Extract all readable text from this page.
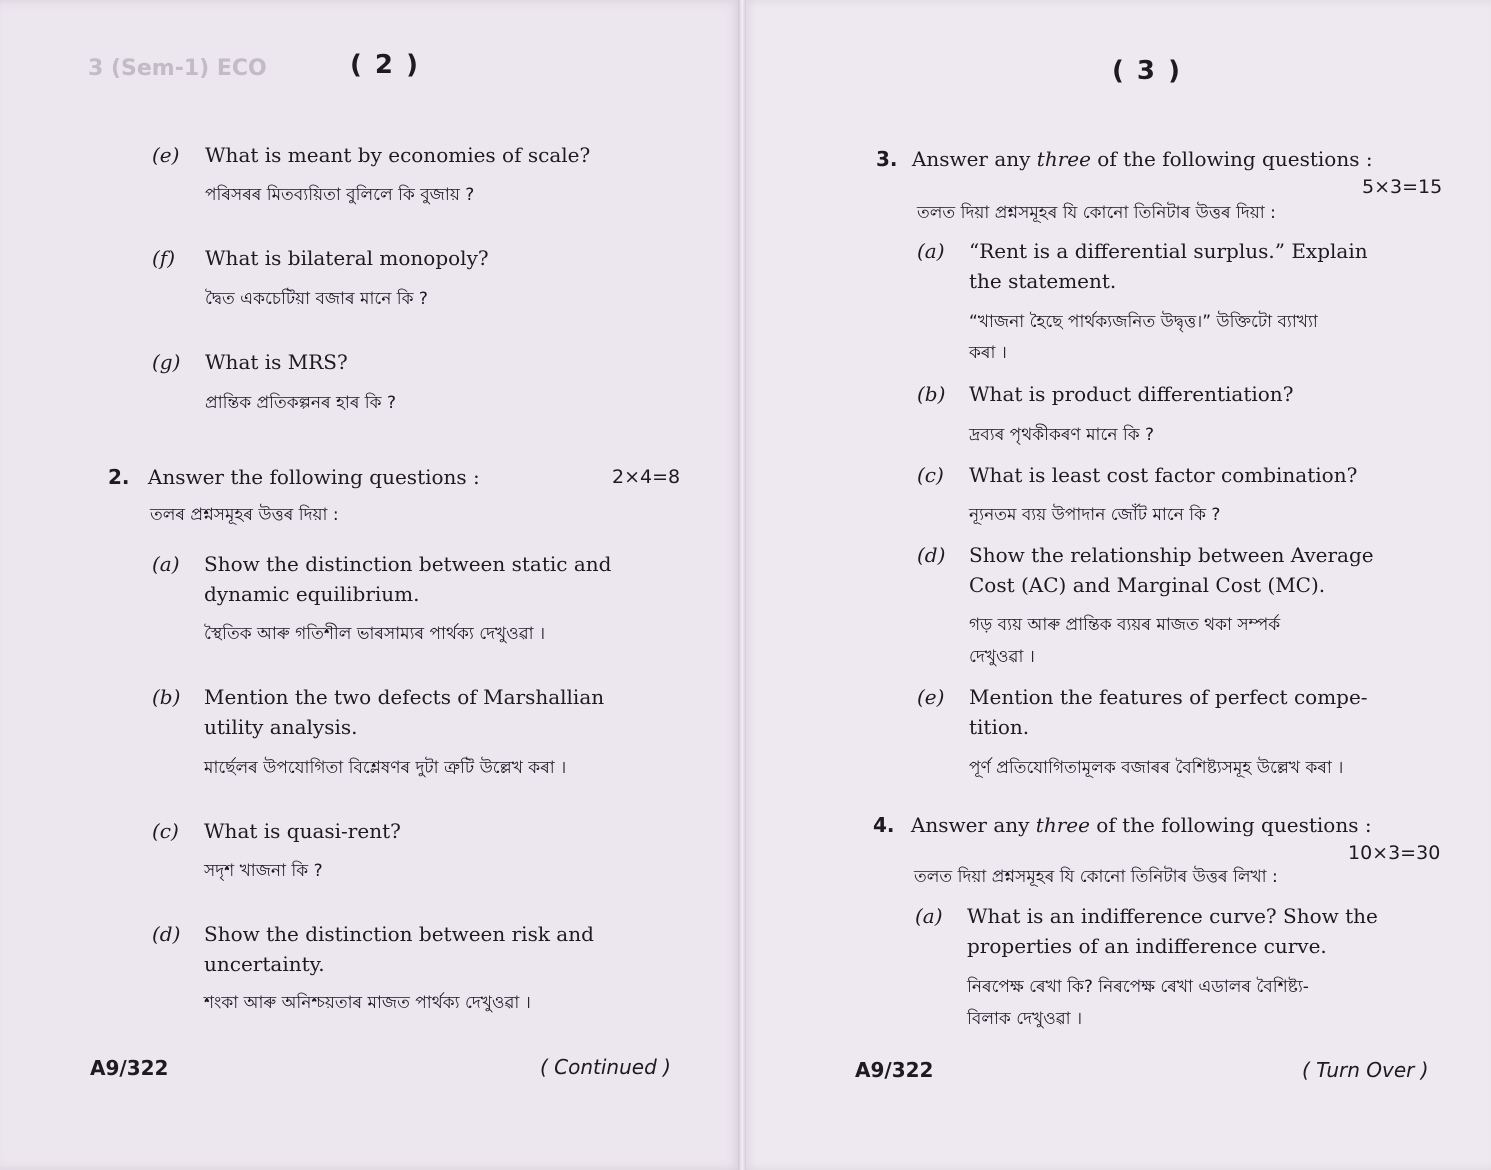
3 (Sem-1) ECO	( 2 )
(e) What is meant by economies of scale?
পৰিসৰৰ মিতব্যয়িতা বুলিলে কি বুজায় ?
(f) What is bilateral monopoly?
দ্বৈত একচেটিয়া বজাৰ মানে কি ?
(g) What is MRS?
প্ৰান্তিক প্ৰতিকল্পনৰ হাৰ কি ?
2. Answer the following questions :	2×4=8
তলৰ প্ৰশ্নসমূহৰ উত্তৰ দিয়া :
(a) Show the distinction between static and
dynamic equilibrium.
স্থৈতিক আৰু গতিশীল ভাৰসাম্যৰ পাৰ্থক্য দেখুওৱা ।
(b) Mention the two defects of Marshallian
utility analysis.
মাৰ্ছেলৰ উপযোগিতা বিশ্লেষণৰ দুটা ত্ৰুটি উল্লেখ কৰা ।
(c) What is quasi-rent?
সদৃশ খাজনা কি ?
(d) Show the distinction between risk and
uncertainty.
শংকা আৰু অনিশ্চয়তাৰ মাজত পাৰ্থক্য দেখুওৱা ।
A9/322	( Continued )
( 3 )
3. Answer any three of the following questions :
5×3=15
তলত দিয়া প্ৰশ্নসমূহৰ যি কোনো তিনিটাৰ উত্তৰ দিয়া :
(a) “Rent is a differential surplus.” Explain
the statement.
“খাজনা হৈছে পাৰ্থক্যজনিত উদ্বৃত্ত।” উক্তিটো ব্যাখ্যা
কৰা ।
(b) What is product differentiation?
দ্ৰব্যৰ পৃথকীকৰণ মানে কি ?
(c) What is least cost factor combination?
ন্যূনতম ব্যয় উপাদান জোঁট মানে কি ?
(d) Show the relationship between Average
Cost (AC) and Marginal Cost (MC).
গড় ব্যয় আৰু প্ৰান্তিক ব্যয়ৰ মাজত থকা সম্পৰ্ক
দেখুওৱা ।
(e) Mention the features of perfect compe-
tition.
পূৰ্ণ প্ৰতিযোগিতামূলক বজাৰৰ বৈশিষ্ট্যসমূহ উল্লেখ কৰা ।
4. Answer any three of the following questions :
10×3=30
তলত দিয়া প্ৰশ্নসমূহৰ যি কোনো তিনিটাৰ উত্তৰ লিখা :
(a) What is an indifference curve? Show the
properties of an indifference curve.
নিৰপেক্ষ ৰেখা কি? নিৰপেক্ষ ৰেখা এডালৰ বৈশিষ্ট্য-
বিলাক দেখুওৱা ।
A9/322	( Turn Over )
